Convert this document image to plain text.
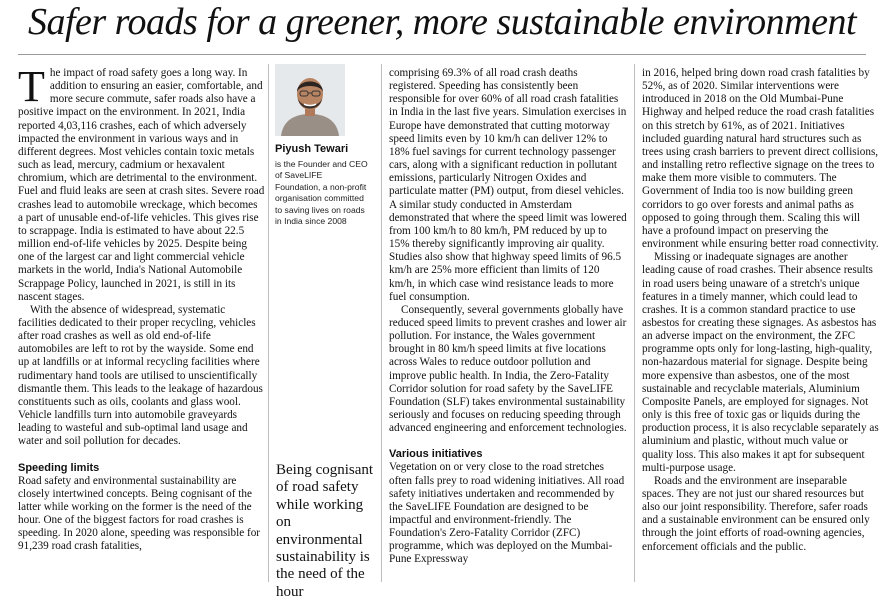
Safer roads for a greener, more sustainable environment

The impact of road safety goes a long way. In addition to ensuring an easier, comfortable, and more secure commute, safer roads also have a positive impact on the environment. In 2021, India reported 4,03,116 crashes, each of which adversely impacted the environment in various ways and in different degrees. Most vehicles contain toxic metals such as lead, mercury, cadmium or hexavalent chromium, which are detrimental to the environment. Fuel and fluid leaks are seen at crash sites. Severe road crashes lead to automobile wreckage, which becomes a part of unusable end-of-life vehicles. This gives rise to scrappage. India is estimated to have about 22.5 million end-of-life vehicles by 2025. Despite being one of the largest car and light commercial vehicle markets in the world, India's National Automobile Scrappage Policy, launched in 2021, is still in its nascent stages.

With the absence of widespread, systematic facilities dedicated to their proper recycling, vehicles after road crashes as well as old end-of-life automobiles are left to rot by the wayside. Some end up at landfills or at informal recycling facilities where rudimentary hand tools are utilised to unscientifically dismantle them. This leads to the leakage of hazardous constituents such as oils, coolants and glass wool. Vehicle landfills turn into automobile graveyards leading to wasteful and sub-optimal land usage and water and soil pollution for decades.

Speeding limits

Road safety and environmental sustainability are closely intertwined concepts. Being cognisant of the latter while working on the former is the need of the hour. One of the biggest factors for road crashes is speeding. In 2020 alone, speeding was responsible for 91,239 road crash fatalities,

Piyush Tewari
is the Founder and CEO of SaveLIFE Foundation, a non-profit organisation committed to saving lives on roads in India since 2008
Being cognisant of road safety while working on environmental sustainability is the need of the hour

comprising 69.3% of all road crash deaths registered. Speeding has consistently been responsible for over 60% of all road crash fatalities in India in the last five years. Simulation exercises in Europe have demonstrated that cutting motorway speed limits even by 10 km/h can deliver 12% to 18% fuel savings for current technology passenger cars, along with a significant reduction in pollutant emissions, particularly Nitrogen Oxides and particulate matter (PM) output, from diesel vehicles. A similar study conducted in Amsterdam demonstrated that where the speed limit was lowered from 100 km/h to 80 km/h, PM reduced by up to 15% thereby significantly improving air quality. Studies also show that highway speed limits of 96.5 km/h are 25% more efficient than limits of 120 km/h, in which case wind resistance leads to more fuel consumption.

Consequently, several governments globally have reduced speed limits to prevent crashes and lower air pollution. For instance, the Wales government brought in 80 km/h speed limits at five locations across Wales to reduce outdoor pollution and improve public health. In India, the Zero-Fatality Corridor solution for road safety by the SaveLIFE Foundation (SLF) takes environmental sustainability seriously and focuses on reducing speeding through advanced engineering and enforcement technologies.

Various initiatives

Vegetation on or very close to the road stretches often falls prey to road widening initiatives. All road safety initiatives undertaken and recommended by the SaveLIFE Foundation are designed to be impactful and environment-friendly. The Foundation's Zero-Fatality Corridor (ZFC) programme, which was deployed on the Mumbai-Pune Expressway

in 2016, helped bring down road crash fatalities by 52%, as of 2020. Similar interventions were introduced in 2018 on the Old Mumbai-Pune Highway and helped reduce the road crash fatalities on this stretch by 61%, as of 2021. Initiatives included guarding natural hard structures such as trees using crash barriers to prevent direct collisions, and installing retro reflective signage on the trees to make them more visible to commuters. The Government of India too is now building green corridors to go over forests and animal paths as opposed to going through them. Scaling this will have a profound impact on preserving the environment while ensuring better road connectivity.

Missing or inadequate signages are another leading cause of road crashes. Their absence results in road users being unaware of a stretch's unique features in a timely manner, which could lead to crashes. It is a common standard practice to use asbestos for creating these signages. As asbestos has an adverse impact on the environment, the ZFC programme opts only for long-lasting, high-quality, non-hazardous material for signage. Despite being more expensive than asbestos, one of the most sustainable and recyclable materials, Aluminium Composite Panels, are employed for signages. Not only is this free of toxic gas or liquids during the production process, it is also recyclable separately as aluminium and plastic, without much value or quality loss. This also makes it apt for subsequent multi-purpose usage.

Roads and the environment are inseparable spaces. They are not just our shared resources but also our joint responsibility. Therefore, safer roads and a sustainable environment can be ensured only through the joint efforts of road-owning agencies, enforcement officials and the public.
